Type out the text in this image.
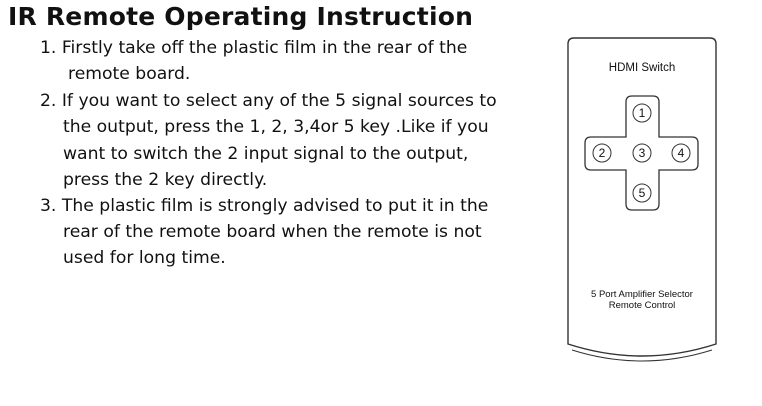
IR Remote Operating Instruction
1. Firstly take off the plastic film in the rear of the
remote board.
2. If you want to select any of the 5 signal sources to
the output, press the 1, 2, 3,4or 5 key .Like if you
want to switch the 2 input signal to the output,
press the 2 key directly.
3. The plastic film is strongly advised to put it in the
rear of the remote board when the remote is not
used for long time.
HDMI Switch
1
2	3	4
5
5 Port Amplifier Selector
Remote Control
